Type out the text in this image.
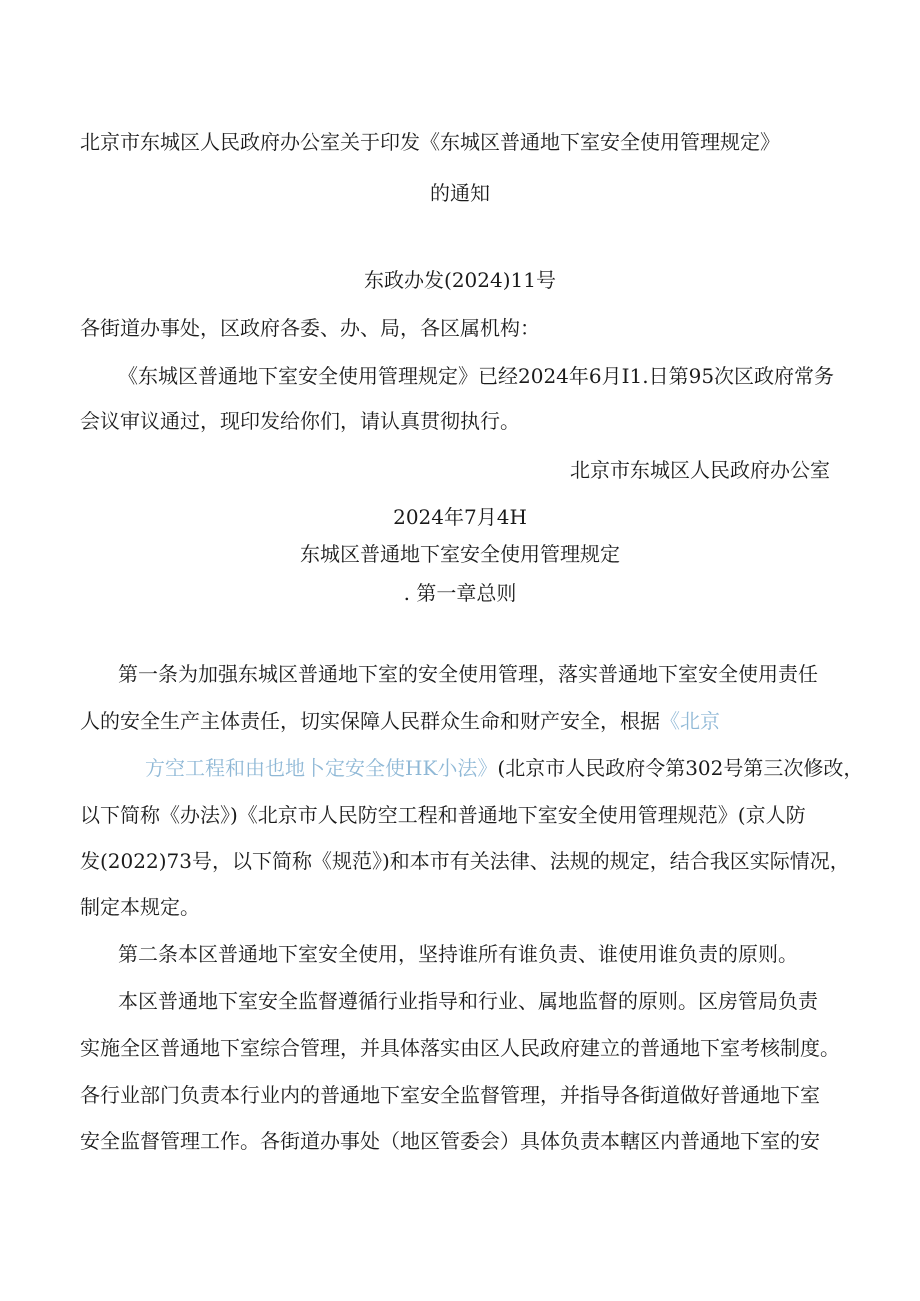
北京市东城区人民政府办公室关于印发《东城区普通地下室安全使用管理规定》
的通知
东政办发(2024)11号
各街道办事处，区政府各委、办、局，各区属机构：
《东城区普通地下室安全使用管理规定》已经2024年6月I1.日第95次区政府常务
会议审议通过，现印发给你们，请认真贯彻执行。
北京市东城区人民政府办公室
2024年7月4H
东城区普通地下室安全使用管理规定
. 第一章总则
第一条为加强东城区普通地下室的安全使用管理，落实普通地下室安全使用责任
人的安全生产主体责任，切实保障人民群众生命和财产安全，根据《北京
方空工程和由也地卜定安全使HK小法》(北京市人民政府令第302号第三次修改，
以下简称《办法》)《北京市人民防空工程和普通地下室安全使用管理规范》(京人防
发(2022)73号，以下简称《规范》)和本市有关法律、法规的规定，结合我区实际情况，
制定本规定。
第二条本区普通地下室安全使用，坚持谁所有谁负责、谁使用谁负责的原则。
本区普通地下室安全监督遵循行业指导和行业、属地监督的原则。区房管局负责
实施全区普通地下室综合管理，并具体落实由区人民政府建立的普通地下室考核制度。
各行业部门负责本行业内的普通地下室安全监督管理，并指导各街道做好普通地下室
安全监督管理工作。各街道办事处（地区管委会）具体负责本轄区内普通地下室的安
